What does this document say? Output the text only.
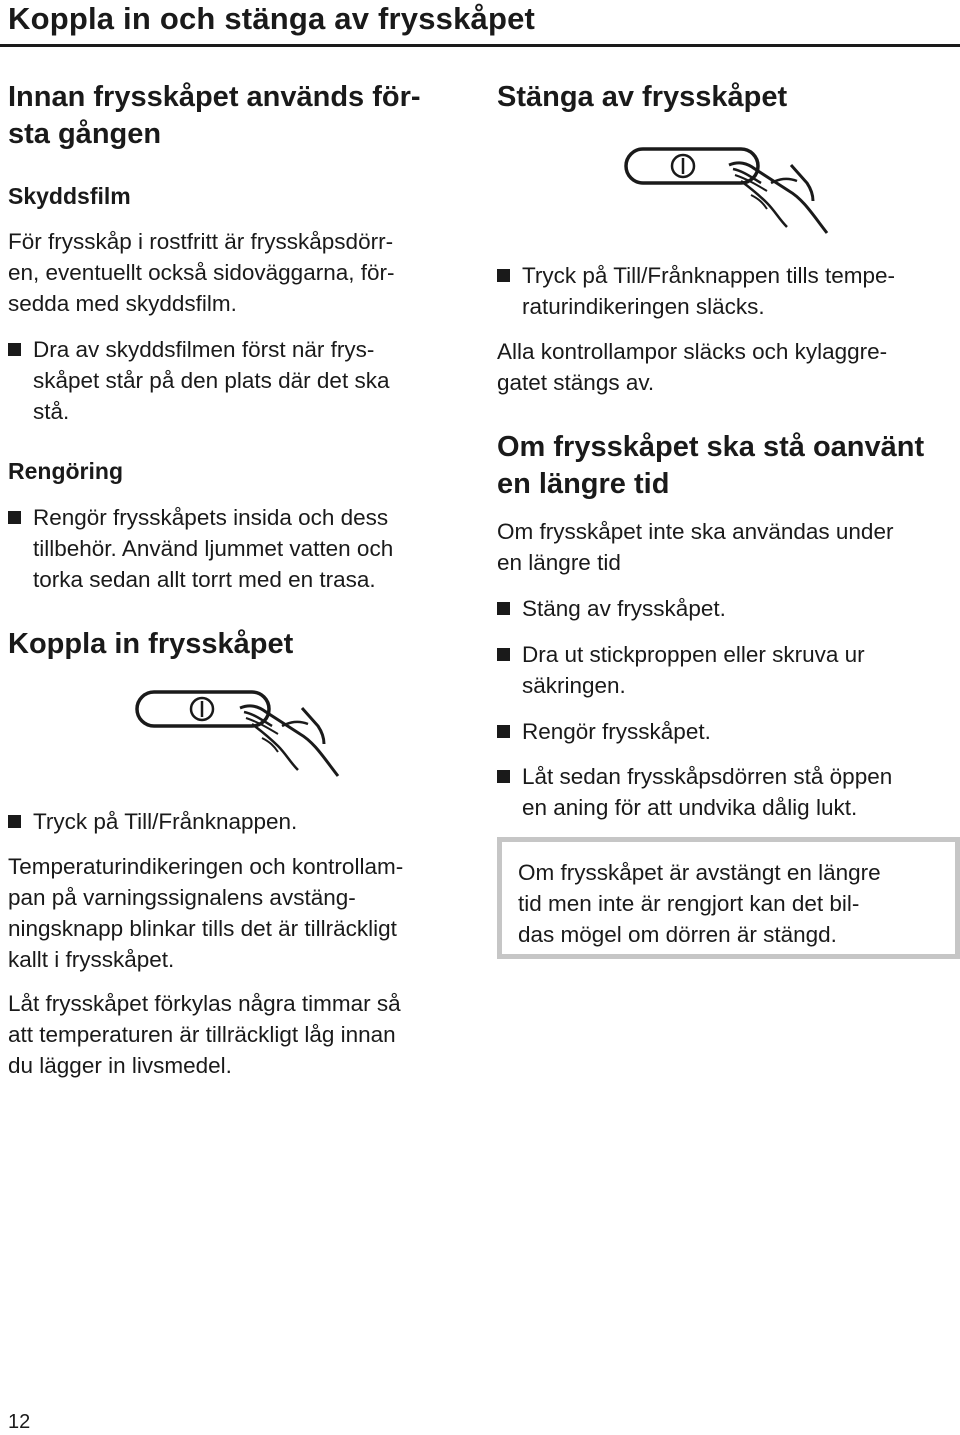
Koppla in och stänga av frysskåpet
Innan frysskåpet används för-
sta gången
Skyddsfilm

För frysskåp i rostfritt är frysskåpsdörr-
en, eventuellt också sidoväggarna, för-
sedda med skyddsfilm.

Dra av skyddsfilmen först när frys-
skåpet står på den plats där det ska
stå.
Rengöring
Rengör frysskåpets insida och dess
tillbehör. Använd ljummet vatten och
torka sedan allt torrt med en trasa.
Koppla in frysskåpet
Tryck på Till/Frånknappen.

Temperaturindikeringen och kontrollam-
pan på varningssignalens avstäng-
ningsknapp blinkar tills det är tillräckligt
kallt i frysskåpet.

Låt frysskåpet förkylas några timmar så
att temperaturen är tillräckligt låg innan
du lägger in livsmedel.

Stänga av frysskåpet
Tryck på Till/Frånknappen tills tempe-
raturindikeringen släcks.

Alla kontrollampor släcks och kylaggre-
gatet stängs av.

Om frysskåpet ska stå oanvänt
en längre tid

Om frysskåpet inte ska användas under
en längre tid

Stäng av frysskåpet.
Dra ut stickproppen eller skruva ur
säkringen.
Rengör frysskåpet.
Låt sedan frysskåpsdörren stå öppen
en aning för att undvika dålig lukt.

Om frysskåpet är avstängt en längre
tid men inte är rengjort kan det bil-
das mögel om dörren är stängd.

12
